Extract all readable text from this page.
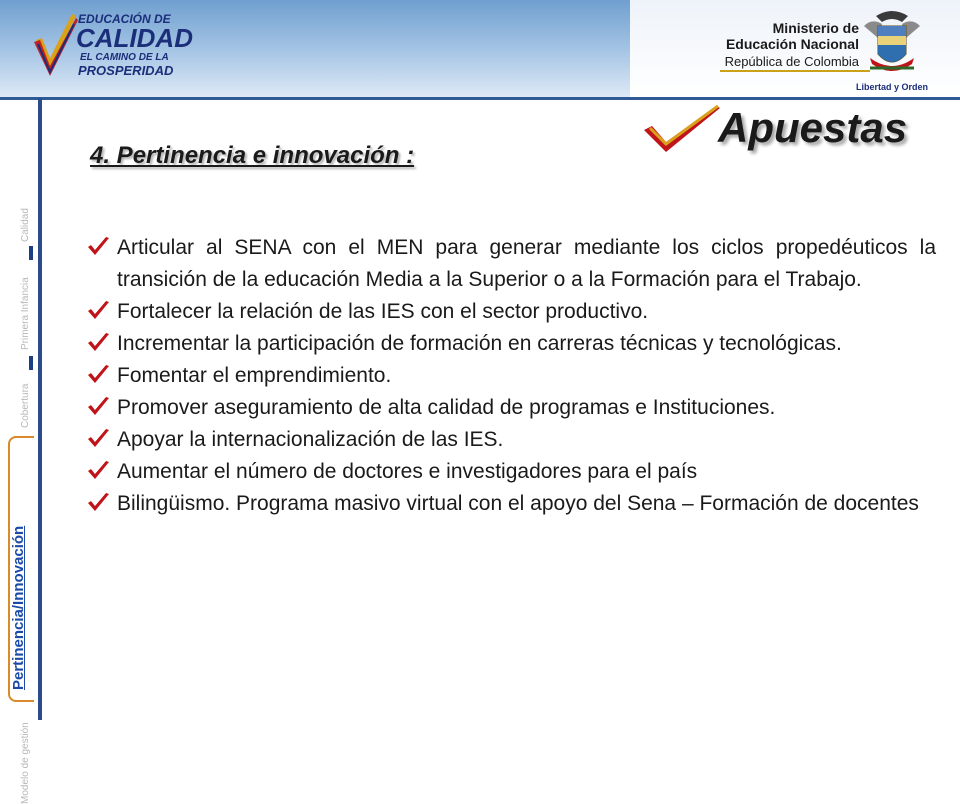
EDUCACIÓN DE
CALIDAD
EL CAMINO DE LA
PROSPERIDAD
Ministerio de
Educación Nacional
República de Colombia
Libertad y Orden
Calidad
Primera Infancia
Cobertura
Pertinencia/Innovación
Modelo de gestión
Apuestas
4. Pertinencia e innovación :
Articular al SENA con el MEN para generar mediante los ciclos propedéuticos la transición de la educación Media a la Superior o a la Formación para el Trabajo.
Fortalecer la relación de las IES con el sector productivo.
Incrementar la participación de formación en carreras técnicas y tecnológicas.
Fomentar el emprendimiento.
Promover aseguramiento de alta calidad de programas e Instituciones.
Apoyar la internacionalización de las IES.
Aumentar el número de doctores e investigadores para el país
Bilingüismo. Programa masivo virtual con el apoyo del Sena – Formación de docentes
